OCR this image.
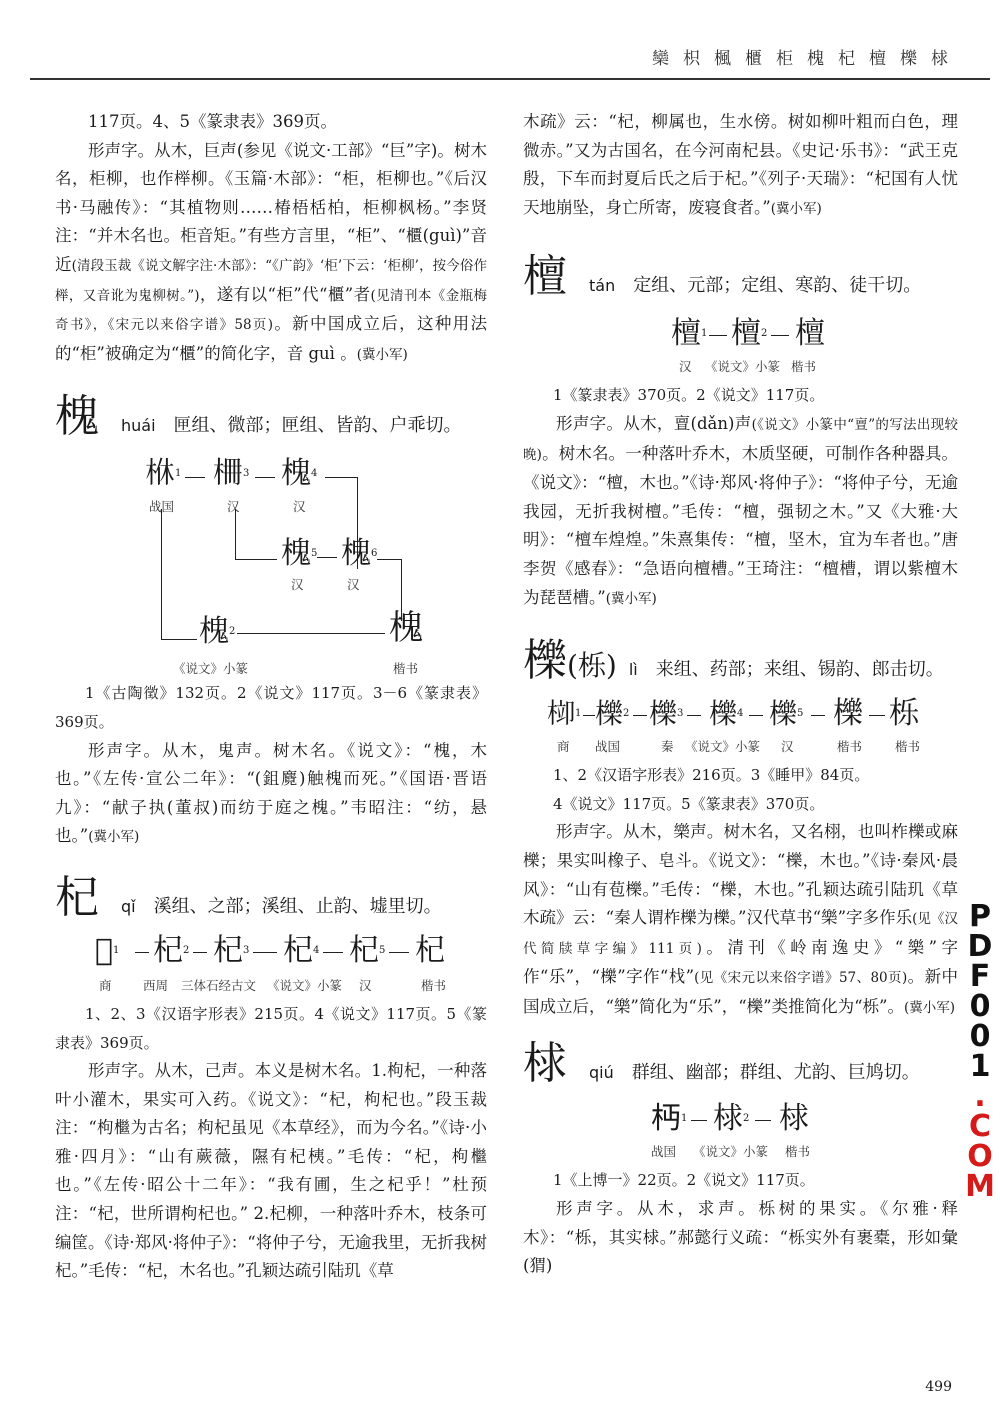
欒枳楓櫃柜槐杞檀櫟梂

117页。4、5《篆隶表》369页。

形声字。从木，巨声(参见《说文·工部》“巨”字)。树木名，柜柳，也作榉柳。《玉篇·木部》：“柜，柜柳也。”《后汉书·马融传》：“其植物则……椿梧栝柏，柜柳枫杨。”李贤注：“并木名也。柜音矩。”有些方言里，“柜”、“櫃(guì)”音近(清段玉裁《说文解字注·木部》：“《广韵》‘柜’下云：‘柜柳’，按今俗作榉，又音讹为鬼柳树。”)，遂有以“柜”代“櫃”者(见清刊本《金瓶梅奇书》，《宋元以来俗字谱》58页)。新中国成立后，这种用法的“柜”被确定为“櫃”的简化字，音 guì 。(冀小军)

槐 huái 匣组、微部；匣组、皆韵、户乖切。
𣐾$^1$ 𣑭$^3$ 槐$^4$
战国	汉	汉
槐$^5$ 槐$^6$
汉	汉
槐$^2$	槐
《说文》小篆	楷书

1《古陶徵》132页。2《说文》117页。3－6《篆隶表》369页。

形声字。从木，鬼声。树木名。《说文》：“槐，木也。”《左传·宣公二年》：“(鉏麑)触槐而死。”《国语·晋语九》：“献子执(董叔)而纺于庭之槐。”韦昭注：“纺，悬也。”(冀小军)

杞 qǐ 溪组、之部；溪组、止韵、墟里切。
𣏉$^1$ 杞$^2$ 杞$^3$ 杞$^4$ 杞$^5$ 杞
商	西周 三体石经古文 《说文》小篆 汉	楷书

1、2、3《汉语字形表》215页。4《说文》117页。5《篆隶表》369页。

形声字。从木，己声。本义是树木名。1.枸杞，一种落叶小灌木，果实可入药。《说文》：“杞，枸杞也。”段玉裁注：“枸檵为古名；枸杞虽见《本草经》，而为今名。”《诗·小雅·四月》：“山有蕨薇，隰有杞桋。”毛传：“杞，枸檵也。”《左传·昭公十二年》：“我有圃，生之杞乎！”杜预注：“杞，世所谓枸杞也。” 2.杞柳，一种落叶乔木，枝条可编筐。《诗·郑风·将仲子》：“将仲子兮，无逾我里，无折我树杞。”毛传：“杞，木名也。”孔颖达疏引陆玑《草

木疏》云：“杞，柳属也，生水傍。树如柳叶粗而白色，理微赤。”又为古国名，在今河南杞县。《史记·乐书》：“武王克殷，下车而封夏后氏之后于杞。”《列子·天瑞》：“杞国有人忧天地崩坠，身亡所寄，废寝食者。”(冀小军)

檀 tán 定组、元部；定组、寒韵、徒干切。
檀$^1$ 檀$^2$ 檀
汉 《说文》小篆 楷书

1《篆隶表》370页。2《说文》117页。

形声字。从木，亶(dǎn)声(《说文》小篆中“亶”的写法出现较晚)。树木名。一种落叶乔木，木质坚硬，可制作各种器具。《说文》：“檀，木也。”《诗·郑风·将仲子》：“将仲子兮，无逾我园，无折我树檀。”毛传：“檀，强韧之木。”又《大雅·大明》：“檀车煌煌。”朱熹集传：“檀，坚木，宜为车者也。”唐李贺《感春》：“急语向檀槽。”王琦注：“檀槽，谓以紫檀木为琵琶槽。”(冀小军)

櫟 (栎) lì 来组、药部；来组、锡韵、郎击切。
𣒂$^1$ 櫟$^2$ 櫟$^3$ 櫟$^4$ 櫟$^5$ 櫟 栎
商 战国	秦 《说文》小篆 汉	楷书	楷书

1、2《汉语字形表》216页。3《睡甲》84页。

4《说文》117页。5《篆隶表》370页。

形声字。从木，樂声。树木名，又名栩，也叫柞櫟或麻櫟；果实叫橡子、皂斗。《说文》：“櫟，木也。”《诗·秦风·晨风》：“山有苞櫟。”毛传：“櫟，木也。”孔颖达疏引陆玑《草木疏》云：“秦人谓柞櫟为櫟。”汉代草书“樂”字多作乐(见《汉代简牍草字编》111页)。清刊《岭南逸史》“樂”字作“乐”，“櫟”字作“𣏾”(见《宋元以来俗字谱》57、80页)。新中国成立后，“樂”简化为“乐”，“櫟”类推简化为“栎”。(冀小军)

梂 qiú 群组、幽部；群组、尤韵、巨鸠切。
𣏜$^1$ 梂$^2$ 梂
战国 《说文》小篆 楷书

1《上博一》22页。2《说文》117页。

形声字。从木，求声。栎树的果实。《尔雅·释木》：“栎，其实梂。”郝懿行义疏：“栎实外有裹橐，形如彙(猬)

P
D
F
0
0
1
.
C
O
M
499
